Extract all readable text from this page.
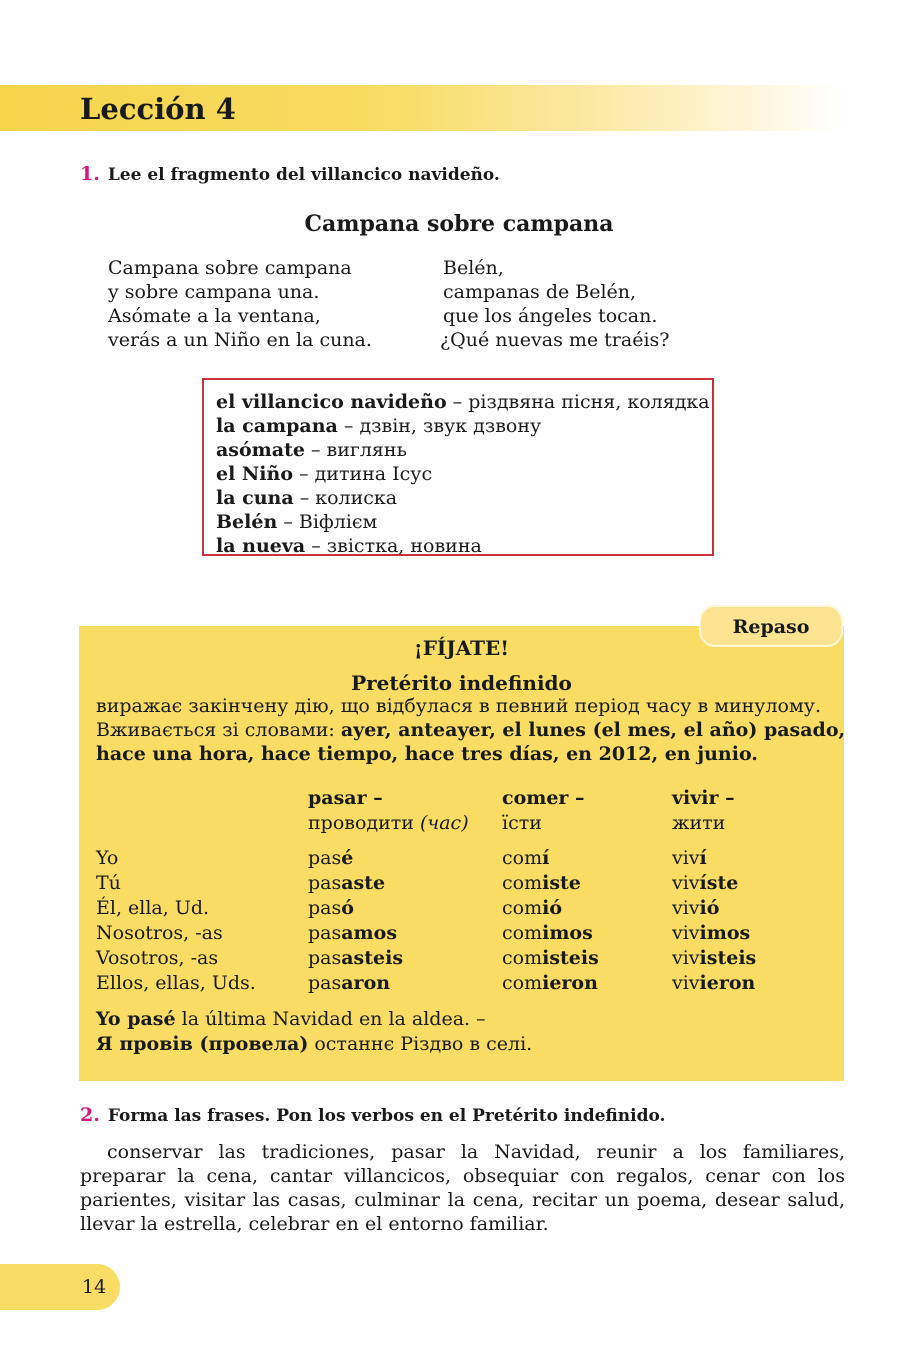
Lección 4
1. Lee el fragmento del villancico navideño.
Campana sobre campana
Campana sobre campana
y sobre campana una.
Asómate a la ventana,
verás a un Niño en la cuna.
Belén,
campanas de Belén,
que los ángeles tocan.
¿Qué nuevas me traéis?
el villancico navideño – різдвяна пісня, колядка
la campana – дзвін, звук дзвону
asómate – виглянь
el Niño – дитина Ісус
la cuna – колиска
Belén – Віфлієм
la nueva – звістка, новина
Repaso
¡FÍJATE!
Pretérito indefinido
виражає закінчену дію, що відбулася в певний період часу в минулому.
Вживається зі словами: ayer, anteayer, el lunes (el mes, el año) pasado,
hace una hora, hace tiempo, hace tres días, en 2012, en junio.
pasar –
проводити (час)
comer –
їсти
vivir –
жити
Yo
Tú
Él, ella, Ud.
Nosotros, -as
Vosotros, -as
Ellos, ellas, Uds.
pasé
pasaste
pasó
pasamos
pasasteis
pasaron
comí
comiste
comió
comimos
comisteis
comieron
viví
vivíste
vivió
vivimos
vivisteis
vivieron
Yo pasé la última Navidad en la aldea. –
Я провів (провела) останнє Різдво в селі.
2. Forma las frases. Pon los verbos en el Pretérito indefinido.
conservar las tradiciones, pasar la Navidad, reunir a los familiares, preparar la cena, cantar villancicos, obsequiar con regalos, cenar con los parientes, visitar las casas, culminar la cena, recitar un poema, desear salud, llevar la estrella, celebrar en el entorno familiar.
14
